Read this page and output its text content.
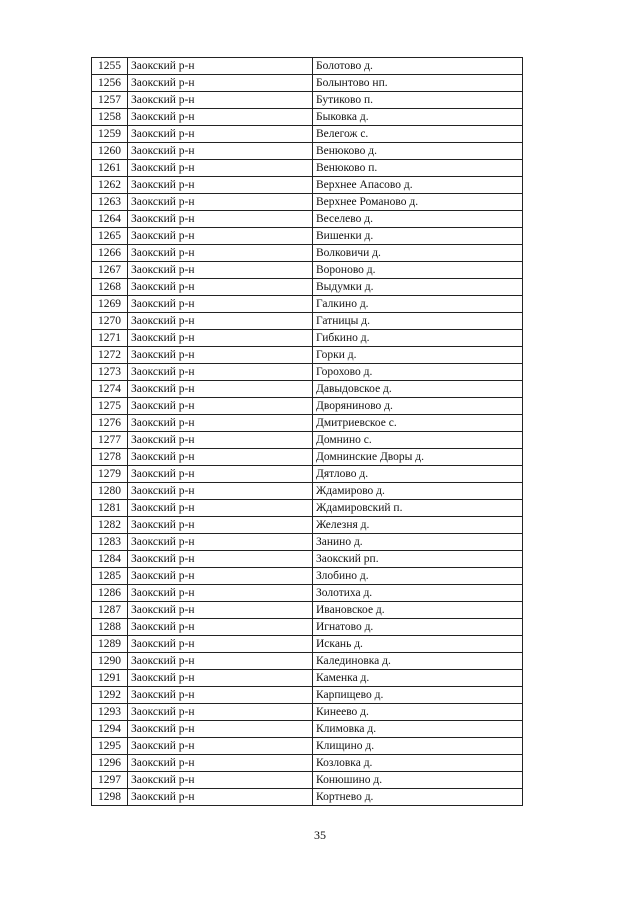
1255	Заокский р-н	Болотово д.
1256	Заокский р-н	Болынтово нп.
1257	Заокский р-н	Бутиково п.
1258	Заокский р-н	Быковка д.
1259	Заокский р-н	Велегож с.
1260	Заокский р-н	Венюково д.
1261	Заокский р-н	Венюково п.
1262	Заокский р-н	Верхнее Апасово д.
1263	Заокский р-н	Верхнее Романово д.
1264	Заокский р-н	Веселево д.
1265	Заокский р-н	Вишенки д.
1266	Заокский р-н	Волковичи д.
1267	Заокский р-н	Вороново д.
1268	Заокский р-н	Выдумки д.
1269	Заокский р-н	Галкино д.
1270	Заокский р-н	Гатницы д.
1271	Заокский р-н	Гибкино д.
1272	Заокский р-н	Горки д.
1273	Заокский р-н	Горохово д.
1274	Заокский р-н	Давыдовское д.
1275	Заокский р-н	Дворяниново д.
1276	Заокский р-н	Дмитриевское с.
1277	Заокский р-н	Домнино с.
1278	Заокский р-н	Домнинские Дворы д.
1279	Заокский р-н	Дятлово д.
1280	Заокский р-н	Ждамирово д.
1281	Заокский р-н	Ждамировский п.
1282	Заокский р-н	Железня д.
1283	Заокский р-н	Занино д.
1284	Заокский р-н	Заокский рп.
1285	Заокский р-н	Злобино д.
1286	Заокский р-н	Золотиха д.
1287	Заокский р-н	Ивановское д.
1288	Заокский р-н	Игнатово д.
1289	Заокский р-н	Искань д.
1290	Заокский р-н	Калединовка д.
1291	Заокский р-н	Каменка д.
1292	Заокский р-н	Карпищево д.
1293	Заокский р-н	Кинеево д.
1294	Заокский р-н	Климовка д.
1295	Заокский р-н	Клищино д.
1296	Заокский р-н	Козловка д.
1297	Заокский р-н	Конюшино д.
1298	Заокский р-н	Кортнево д.
35
